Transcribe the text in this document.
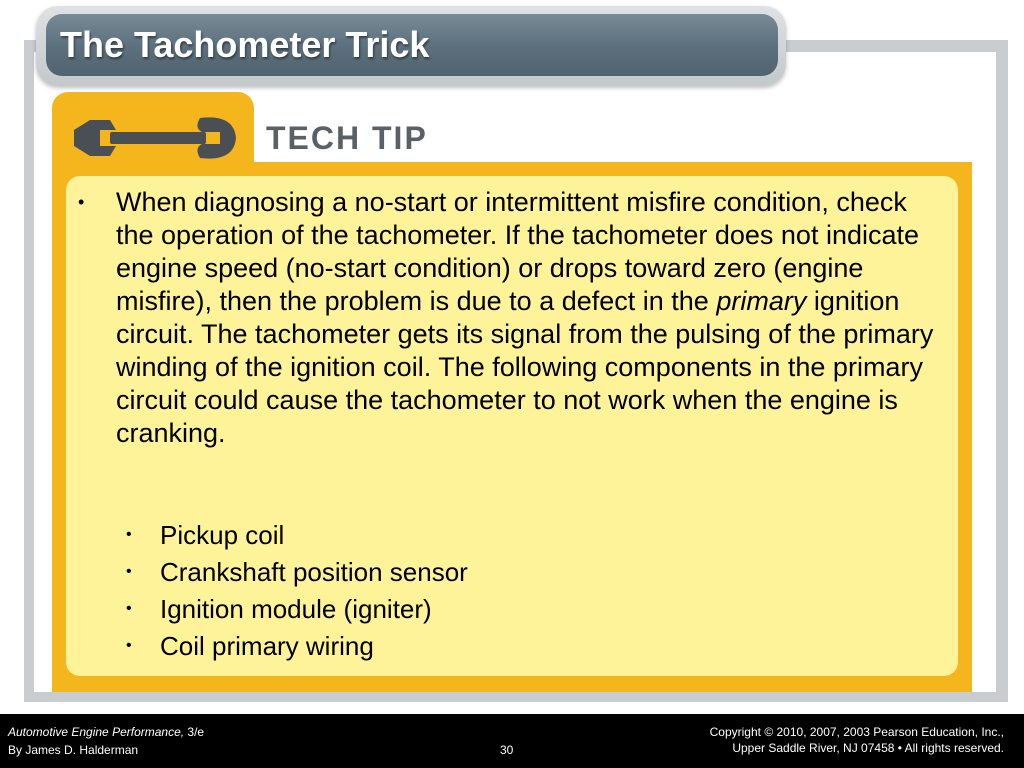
The Tachometer Trick
TECH TIP
• When diagnosing a no-start or intermittent misfire condition, check the operation of the tachometer. If the tachometer does not indicate engine speed (no-start condition) or drops toward zero (engine misfire), then the problem is due to a defect in the primary ignition circuit. The tachometer gets its signal from the pulsing of the primary winding of the ignition coil. The following components in the primary circuit could cause the tachometer to not work when the engine is cranking.
• Pickup coil
• Crankshaft position sensor
• Ignition module (igniter)
• Coil primary wiring
Automotive Engine Performance, 3/e
By James D. Halderman	30
Copyright © 2010, 2007, 2003 Pearson Education, Inc.,
Upper Saddle River, NJ 07458 • All rights reserved.
